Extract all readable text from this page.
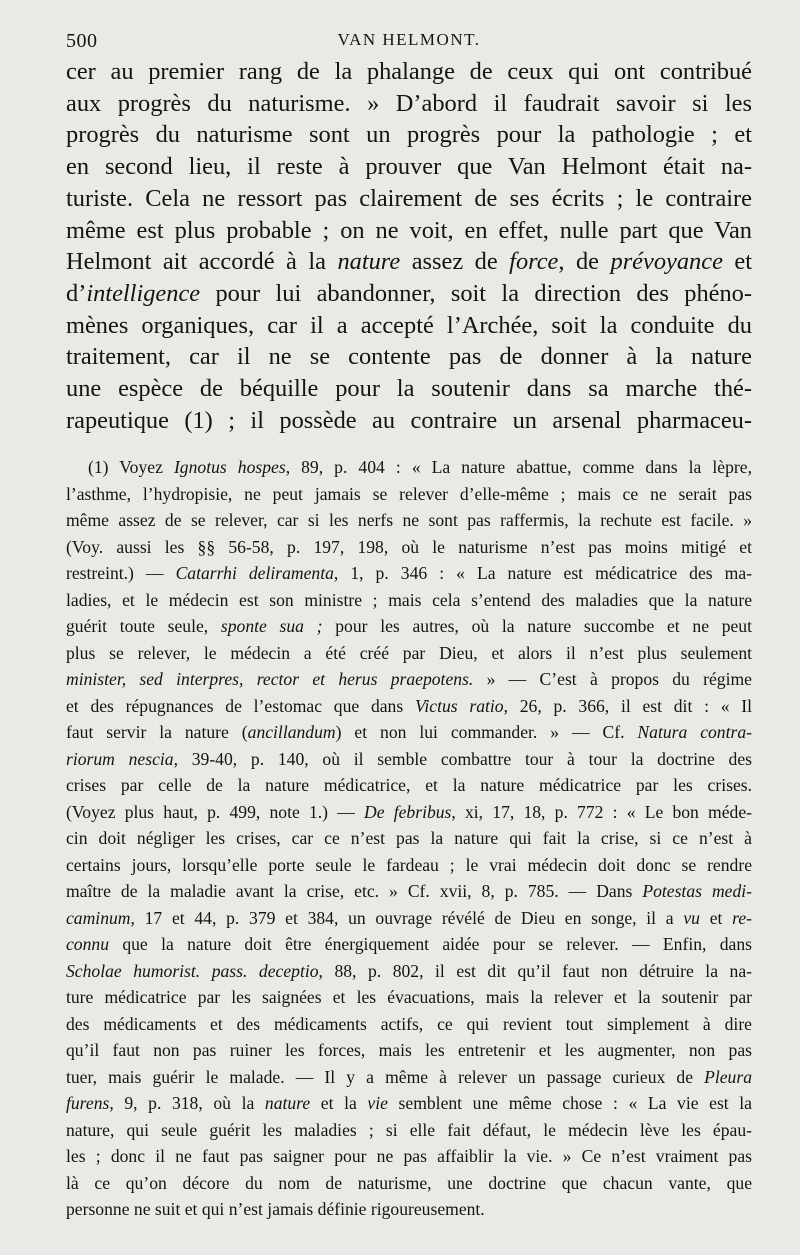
500	VAN HELMONT.
cer au premier rang de la phalange de ceux qui ont contribué
aux progrès du naturisme. » D’abord il faudrait savoir si les
progrès du naturisme sont un progrès pour la pathologie ; et
en second lieu, il reste à prouver que Van Helmont était na-
turiste. Cela ne ressort pas clairement de ses écrits ; le contraire
même est plus probable ; on ne voit, en effet, nulle part que Van
Helmont ait accordé à la nature assez de force, de prévoyance et
d’intelligence pour lui abandonner, soit la direction des phéno-
mènes organiques, car il a accepté l’Archée, soit la conduite du
traitement, car il ne se contente pas de donner à la nature
une espèce de béquille pour la soutenir dans sa marche thé-
rapeutique (1) ; il possède au contraire un arsenal pharmaceu-
(1) Voyez Ignotus hospes, 89, p. 404 : « La nature abattue, comme dans la lèpre,
l’asthme, l’hydropisie, ne peut jamais se relever d’elle-même ; mais ce ne serait pas
même assez de se relever, car si les nerfs ne sont pas raffermis, la rechute est facile. »
(Voy. aussi les §§ 56-58, p. 197, 198, où le naturisme n’est pas moins mitigé et
restreint.) — Catarrhi deliramenta, 1, p. 346 : « La nature est médicatrice des ma-
ladies, et le médecin est son ministre ; mais cela s’entend des maladies que la nature
guérit toute seule, sponte sua ; pour les autres, où la nature succombe et ne peut
plus se relever, le médecin a été créé par Dieu, et alors il n’est plus seulement
minister, sed interpres, rector et herus praepotens. » — C’est à propos du régime
et des répugnances de l’estomac que dans Victus ratio, 26, p. 366, il est dit : « Il
faut servir la nature (ancillandum) et non lui commander. » — Cf. Natura contra-
riorum nescia, 39-40, p. 140, où il semble combattre tour à tour la doctrine des
crises par celle de la nature médicatrice, et la nature médicatrice par les crises.
(Voyez plus haut, p. 499, note 1.) — De febribus, xi, 17, 18, p. 772 : « Le bon méde-
cin doit négliger les crises, car ce n’est pas la nature qui fait la crise, si ce n’est à
certains jours, lorsqu’elle porte seule le fardeau ; le vrai médecin doit donc se rendre
maître de la maladie avant la crise, etc. » Cf. xvii, 8, p. 785. — Dans Potestas medi-
caminum, 17 et 44, p. 379 et 384, un ouvrage révélé de Dieu en songe, il a vu et re-
connu que la nature doit être énergiquement aidée pour se relever. — Enfin, dans
Scholae humorist. pass. deceptio, 88, p. 802, il est dit qu’il faut non détruire la na-
ture médicatrice par les saignées et les évacuations, mais la relever et la soutenir par
des médicaments et des médicaments actifs, ce qui revient tout simplement à dire
qu’il faut non pas ruiner les forces, mais les entretenir et les augmenter, non pas
tuer, mais guérir le malade. — Il y a même à relever un passage curieux de Pleura
furens, 9, p. 318, où la nature et la vie semblent une même chose : « La vie est la
nature, qui seule guérit les maladies ; si elle fait défaut, le médecin lève les épau-
les ; donc il ne faut pas saigner pour ne pas affaiblir la vie. » Ce n’est vraiment pas
là ce qu’on décore du nom de naturisme, une doctrine que chacun vante, que
personne ne suit et qui n’est jamais définie rigoureusement.
